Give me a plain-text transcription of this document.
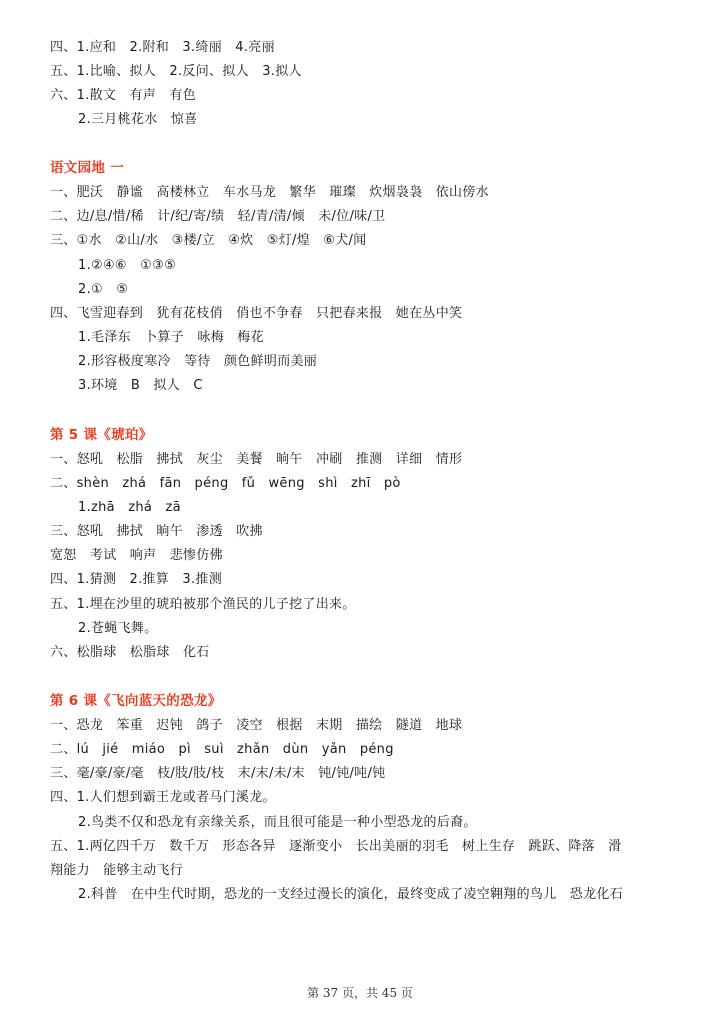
四、1.应和   2.附和   3.绮丽   4.亮丽
五、1.比喻、拟人   2.反问、拟人   3.拟人
六、1.散文   有声   有色
2.三月桃花水   惊喜
语文园地 一
一、肥沃   静谧   高楼林立   车水马龙   繁华   璀璨   炊烟袅袅   依山傍水
二、边/息/惜/稀   计/纪/寄/绩   轻/青/清/倾   未/位/味/卫
三、①水   ②山/水   ③楼/立   ④炊   ⑤灯/煌   ⑥犬/闻
1.②④⑥   ①③⑤
2.①   ⑤
四、飞雪迎春到   犹有花枝俏   俏也不争春   只把春来报   她在丛中笑
1.毛泽东   卜算子   咏梅   梅花
2.形容极度寒冷   等待   颜色鲜明而美丽
3.环境   B   拟人   C
第 5 课《琥珀》
一、怒吼   松脂   拂拭   灰尘   美餐   晌午   冲刷   推测   详细   情形
二、shèn   zhá   fān   péng   fǔ   wēng   shì   zhī   pò
1.zhā   zhá   zā
三、怒吼   拂拭   晌午   渗透   吹拂
宽恕   考试   响声   悲惨仿佛
四、1.猜测   2.推算   3.推测
五、1.埋在沙里的琥珀被那个渔民的儿子挖了出来。
2.苍蝇飞舞。
六、松脂球   松脂球   化石
第 6 课《飞向蓝天的恐龙》
一、恐龙   笨重   迟钝   鸽子   凌空   根据   末期   描绘   隧道   地球
二、lú   jié   miáo   pì   suì   zhǎn   dùn   yǎn   péng
三、毫/豪/豪/毫   枝/肢/肢/枝   末/末/未/末   钝/钝/吨/钝
四、1.人们想到霸王龙或者马门溪龙。
2.鸟类不仅和恐龙有亲缘关系，而且很可能是一种小型恐龙的后裔。
五、1.两亿四千万   数千万   形态各异   逐渐变小   长出美丽的羽毛   树上生存   跳跃、降落   滑
翔能力   能够主动飞行
2.科普   在中生代时期，恐龙的一支经过漫长的演化，最终变成了凌空翱翔的鸟儿   恐龙化石
第 37 页，共 45 页
